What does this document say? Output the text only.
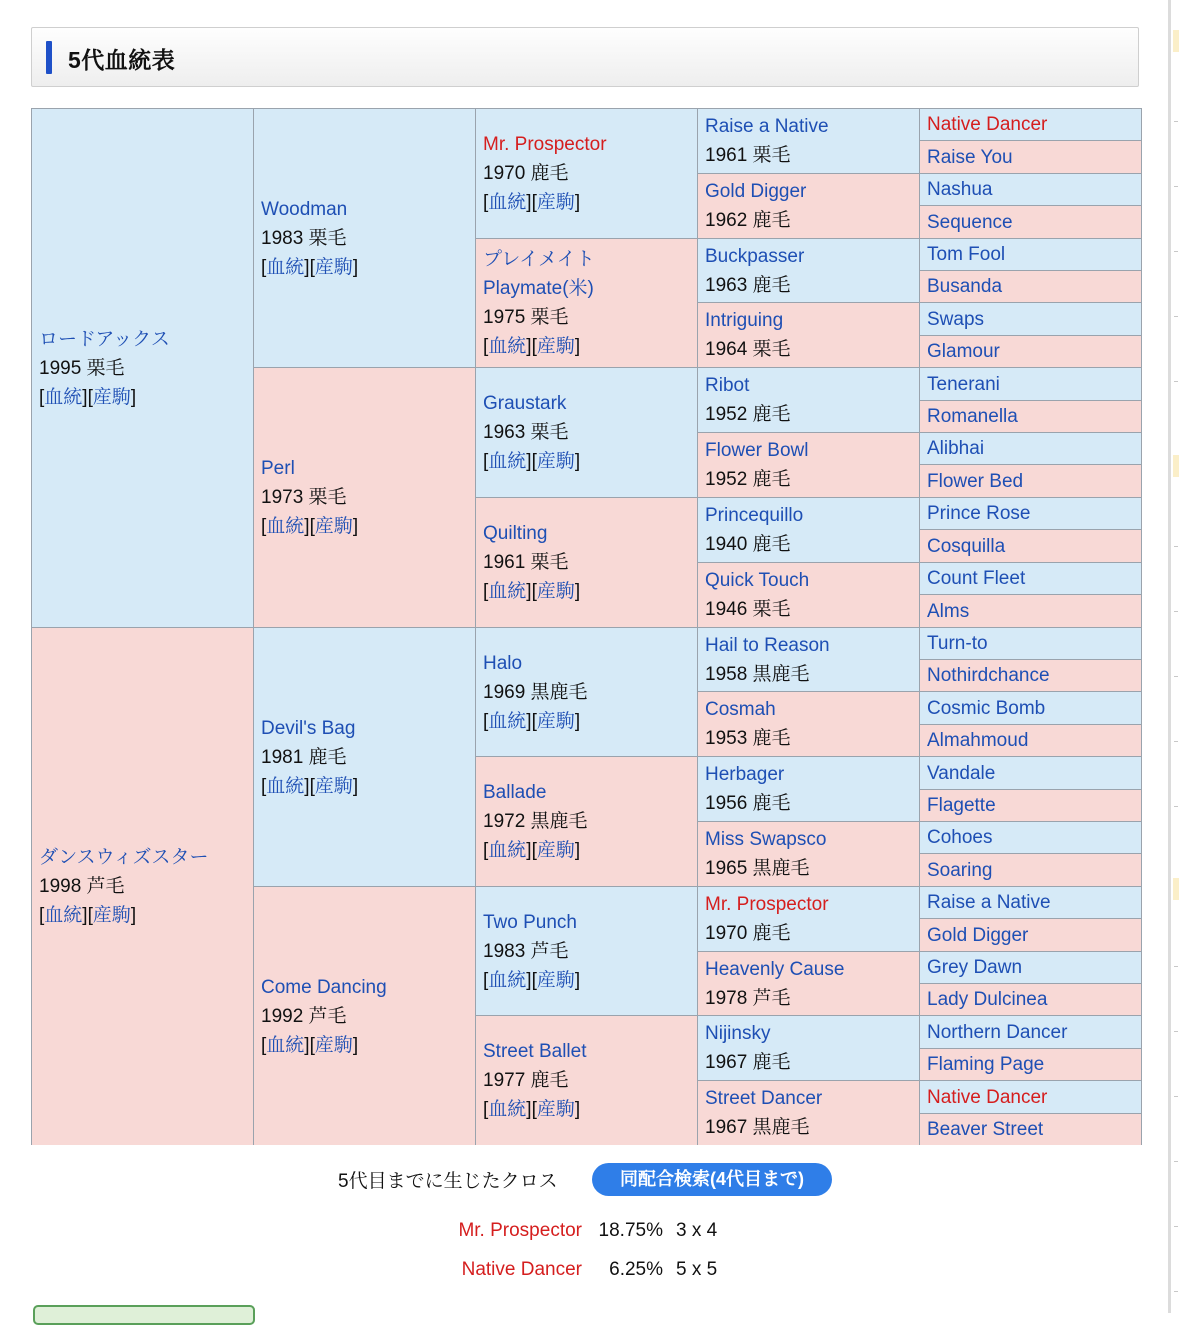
5代血統表
ロードアックス
1995 栗毛
[血統][産駒]
ダンスウィズスター
1998 芦毛
[血統][産駒]
Woodman
1983 栗毛
[血統][産駒]
Perl
1973 栗毛
[血統][産駒]
Devil's Bag
1981 鹿毛
[血統][産駒]
Come Dancing
1992 芦毛
[血統][産駒]
Mr. Prospector
1970 鹿毛
[血統][産駒]
プレイメイト
Playmate(米)
1975 栗毛
[血統][産駒]
Graustark
1963 栗毛
[血統][産駒]
Quilting
1961 栗毛
[血統][産駒]
Halo
1969 黒鹿毛
[血統][産駒]
Ballade
1972 黒鹿毛
[血統][産駒]
Two Punch
1983 芦毛
[血統][産駒]
Street Ballet
1977 鹿毛
[血統][産駒]
Raise a Native
1961 栗毛
Gold Digger
1962 鹿毛
Buckpasser
1963 鹿毛
Intriguing
1964 栗毛
Ribot
1952 鹿毛
Flower Bowl
1952 鹿毛
Princequillo
1940 鹿毛
Quick Touch
1946 栗毛
Hail to Reason
1958 黒鹿毛
Cosmah
1953 鹿毛
Herbager
1956 鹿毛
Miss Swapsco
1965 黒鹿毛
Mr. Prospector
1970 鹿毛
Heavenly Cause
1978 芦毛
Nijinsky
1967 鹿毛
Street Dancer
1967 黒鹿毛
Native Dancer
Raise You
Nashua
Sequence
Tom Fool
Busanda
Swaps
Glamour
Tenerani
Romanella
Alibhai
Flower Bed
Prince Rose
Cosquilla
Count Fleet
Alms
Turn-to
Nothirdchance
Cosmic Bomb
Almahmoud
Vandale
Flagette
Cohoes
Soaring
Raise a Native
Gold Digger
Grey Dawn
Lady Dulcinea
Northern Dancer
Flaming Page
Native Dancer
Beaver Street
5代目までに生じたクロス	同配合検索(4代目まで)
Mr. Prospector 18.75% 3 x 4
Native Dancer 6.25% 5 x 5
